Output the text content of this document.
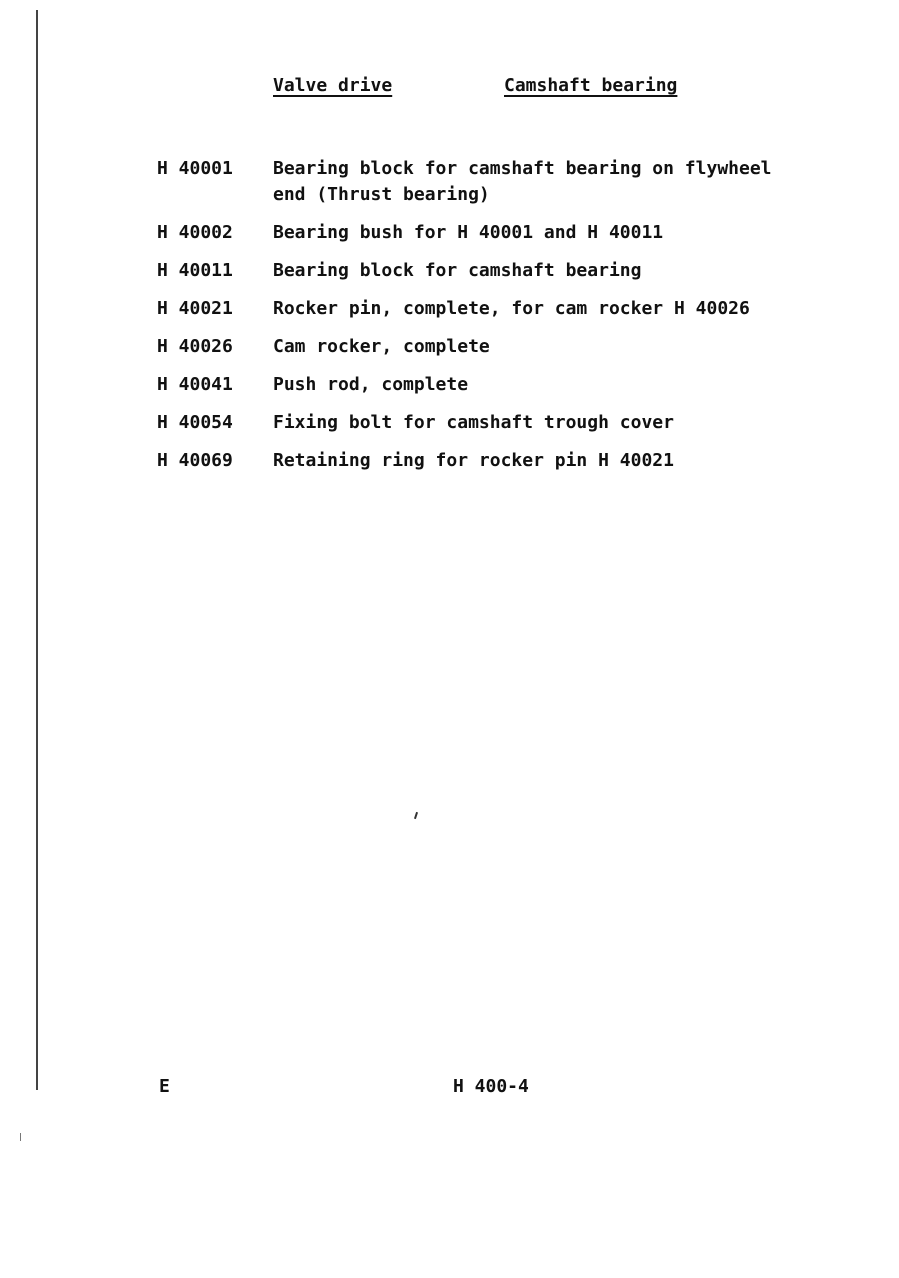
Valve drive	Camshaft bearing
H 40001	Bearing block for camshaft bearing on flywheel end (Thrust bearing)
H 40002	Bearing bush for H 40001 and H 40011
H 40011	Bearing block for camshaft bearing
H 40021	Rocker pin, complete, for cam rocker H 40026
H 40026	Cam rocker, complete
H 40041	Push rod, complete
H 40054	Fixing bolt for camshaft trough cover
H 40069	Retaining ring for rocker pin H 40021
E	H 400-4
